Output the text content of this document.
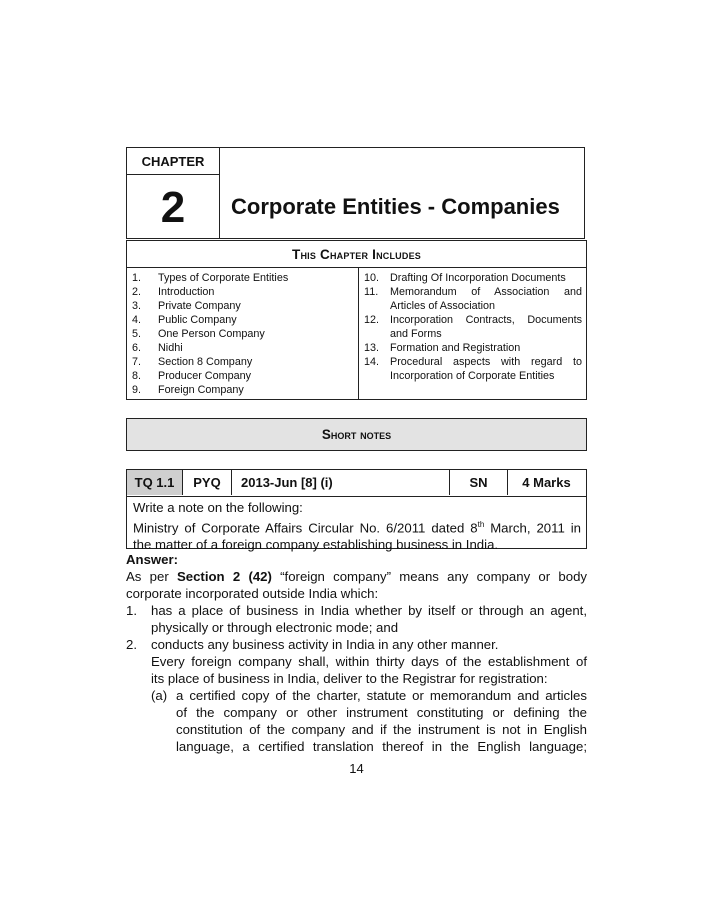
CHAPTER
2	Corporate Entities - Companies
This Chapter Includes
1. Types of Corporate Entities
2. Introduction
3. Private Company
4. Public Company
5. One Person Company
6. Nidhi
7. Section 8 Company
8. Producer Company
9. Foreign Company
10. Drafting Of Incorporation Documents
11. Memorandum of Association and
Articles of Association
12. Incorporation Contracts, Documents
and Forms
13. Formation and Registration
14. Procedural aspects with regard to
Incorporation of Corporate Entities
Short notes
TQ 1.1	PYQ	2013-Jun [8] (i)	SN	4 Marks
Write a note on the following:
Ministry of Corporate Affairs Circular No. 6/2011 dated 8th March, 2011 in
the matter of a foreign company establishing business in India.
Answer:
As per Section 2 (42) “foreign company” means any company or body
corporate incorporated outside India which:
1. has a place of business in India whether by itself or through an agent,
physically or through electronic mode; and
2. conducts any business activity in India in any other manner.
Every foreign company shall, within thirty days of the establishment of
its place of business in India, deliver to the Registrar for registration:
(a) a certified copy of the charter, statute or memorandum and articles
of the company or other instrument constituting or defining the
constitution of the company and if the instrument is not in English
language, a certified translation thereof in the English language;
14
